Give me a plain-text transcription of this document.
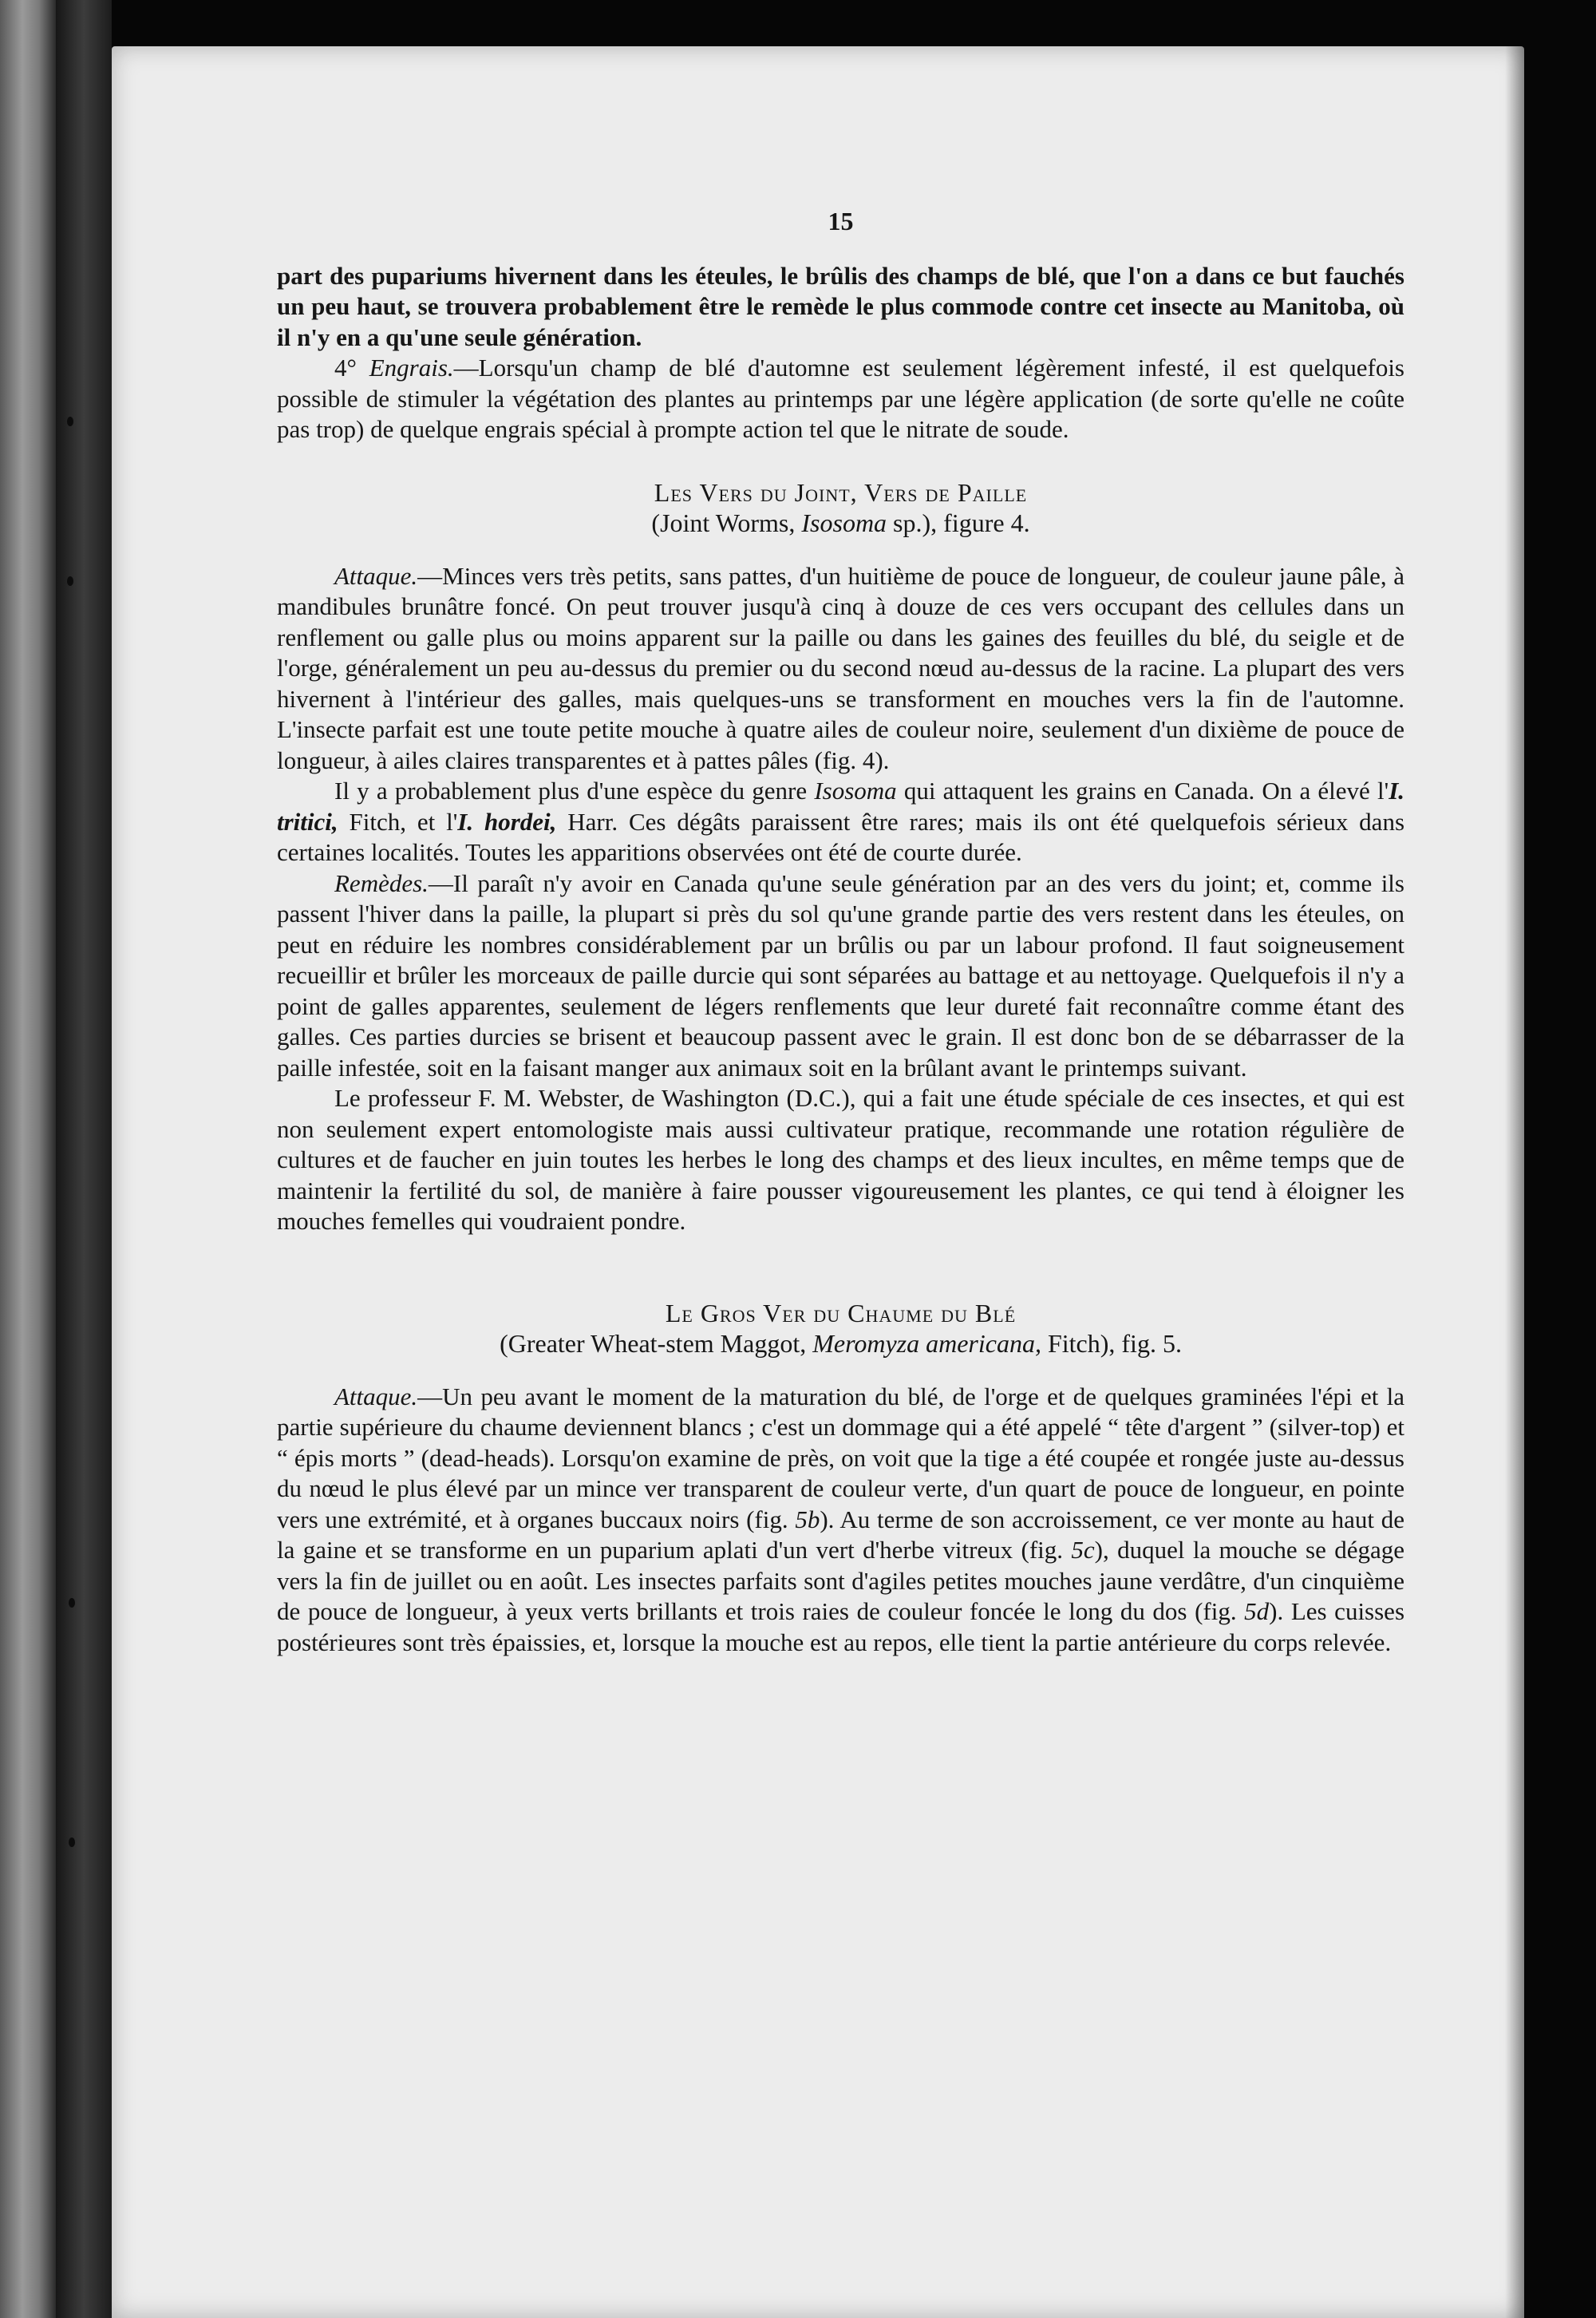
15

part des pupariums hivernent dans les éteules, le brûlis des champs de blé, que l'on a dans ce but fauchés un peu haut, se trouvera probablement être le remède le plus commode contre cet insecte au Manitoba, où il n'y en a qu'une seule génération.

4° Engrais.—Lorsqu'un champ de blé d'automne est seulement légèrement infesté, il est quelquefois possible de stimuler la végétation des plantes au printemps par une légère application (de sorte qu'elle ne coûte pas trop) de quelque engrais spécial à prompte action tel que le nitrate de soude.

Les Vers du Joint, Vers de Paille
(Joint Worms, Isosoma sp.), figure 4.

Attaque.—Minces vers très petits, sans pattes, d'un huitième de pouce de longueur, de couleur jaune pâle, à mandibules brunâtre foncé. On peut trouver jusqu'à cinq à douze de ces vers occupant des cellules dans un renflement ou galle plus ou moins apparent sur la paille ou dans les gaines des feuilles du blé, du seigle et de l'orge, généralement un peu au-dessus du premier ou du second nœud au-dessus de la racine. La plupart des vers hivernent à l'intérieur des galles, mais quelques-uns se transforment en mouches vers la fin de l'automne. L'insecte parfait est une toute petite mouche à quatre ailes de couleur noire, seulement d'un dixième de pouce de longueur, à ailes claires transparentes et à pattes pâles (fig. 4).

Il y a probablement plus d'une espèce du genre Isosoma qui attaquent les grains en Canada. On a élevé l'I. tritici, Fitch, et l'I. hordei, Harr. Ces dégâts paraissent être rares; mais ils ont été quelquefois sérieux dans certaines localités. Toutes les apparitions observées ont été de courte durée.

Remèdes.—Il paraît n'y avoir en Canada qu'une seule génération par an des vers du joint; et, comme ils passent l'hiver dans la paille, la plupart si près du sol qu'une grande partie des vers restent dans les éteules, on peut en réduire les nombres considérablement par un brûlis ou par un labour profond. Il faut soigneusement recueillir et brûler les morceaux de paille durcie qui sont séparées au battage et au nettoyage. Quelquefois il n'y a point de galles apparentes, seulement de légers renflements que leur dureté fait reconnaître comme étant des galles. Ces parties durcies se brisent et beaucoup passent avec le grain. Il est donc bon de se débarrasser de la paille infestée, soit en la faisant manger aux animaux soit en la brûlant avant le printemps suivant.

Le professeur F. M. Webster, de Washington (D.C.), qui a fait une étude spéciale de ces insectes, et qui est non seulement expert entomologiste mais aussi cultivateur pratique, recommande une rotation régulière de cultures et de faucher en juin toutes les herbes le long des champs et des lieux incultes, en même temps que de maintenir la fertilité du sol, de manière à faire pousser vigoureusement les plantes, ce qui tend à éloigner les mouches femelles qui voudraient pondre.

Le Gros Ver du Chaume du Blé
(Greater Wheat-stem Maggot, Meromyza americana, Fitch), fig. 5.

Attaque.—Un peu avant le moment de la maturation du blé, de l'orge et de quelques graminées l'épi et la partie supérieure du chaume deviennent blancs ; c'est un dommage qui a été appelé “ tête d'argent ” (silver-top) et “ épis morts ” (dead-heads). Lorsqu'on examine de près, on voit que la tige a été coupée et rongée juste au-dessus du nœud le plus élevé par un mince ver transparent de couleur verte, d'un quart de pouce de longueur, en pointe vers une extrémité, et à organes buccaux noirs (fig. 5b). Au terme de son accroissement, ce ver monte au haut de la gaine et se transforme en un puparium aplati d'un vert d'herbe vitreux (fig. 5c), duquel la mouche se dégage vers la fin de juillet ou en août. Les insectes parfaits sont d'agiles petites mouches jaune verdâtre, d'un cinquième de pouce de longueur, à yeux verts brillants et trois raies de couleur foncée le long du dos (fig. 5d). Les cuisses postérieures sont très épaissies, et, lorsque la mouche est au repos, elle tient la partie antérieure du corps relevée.
